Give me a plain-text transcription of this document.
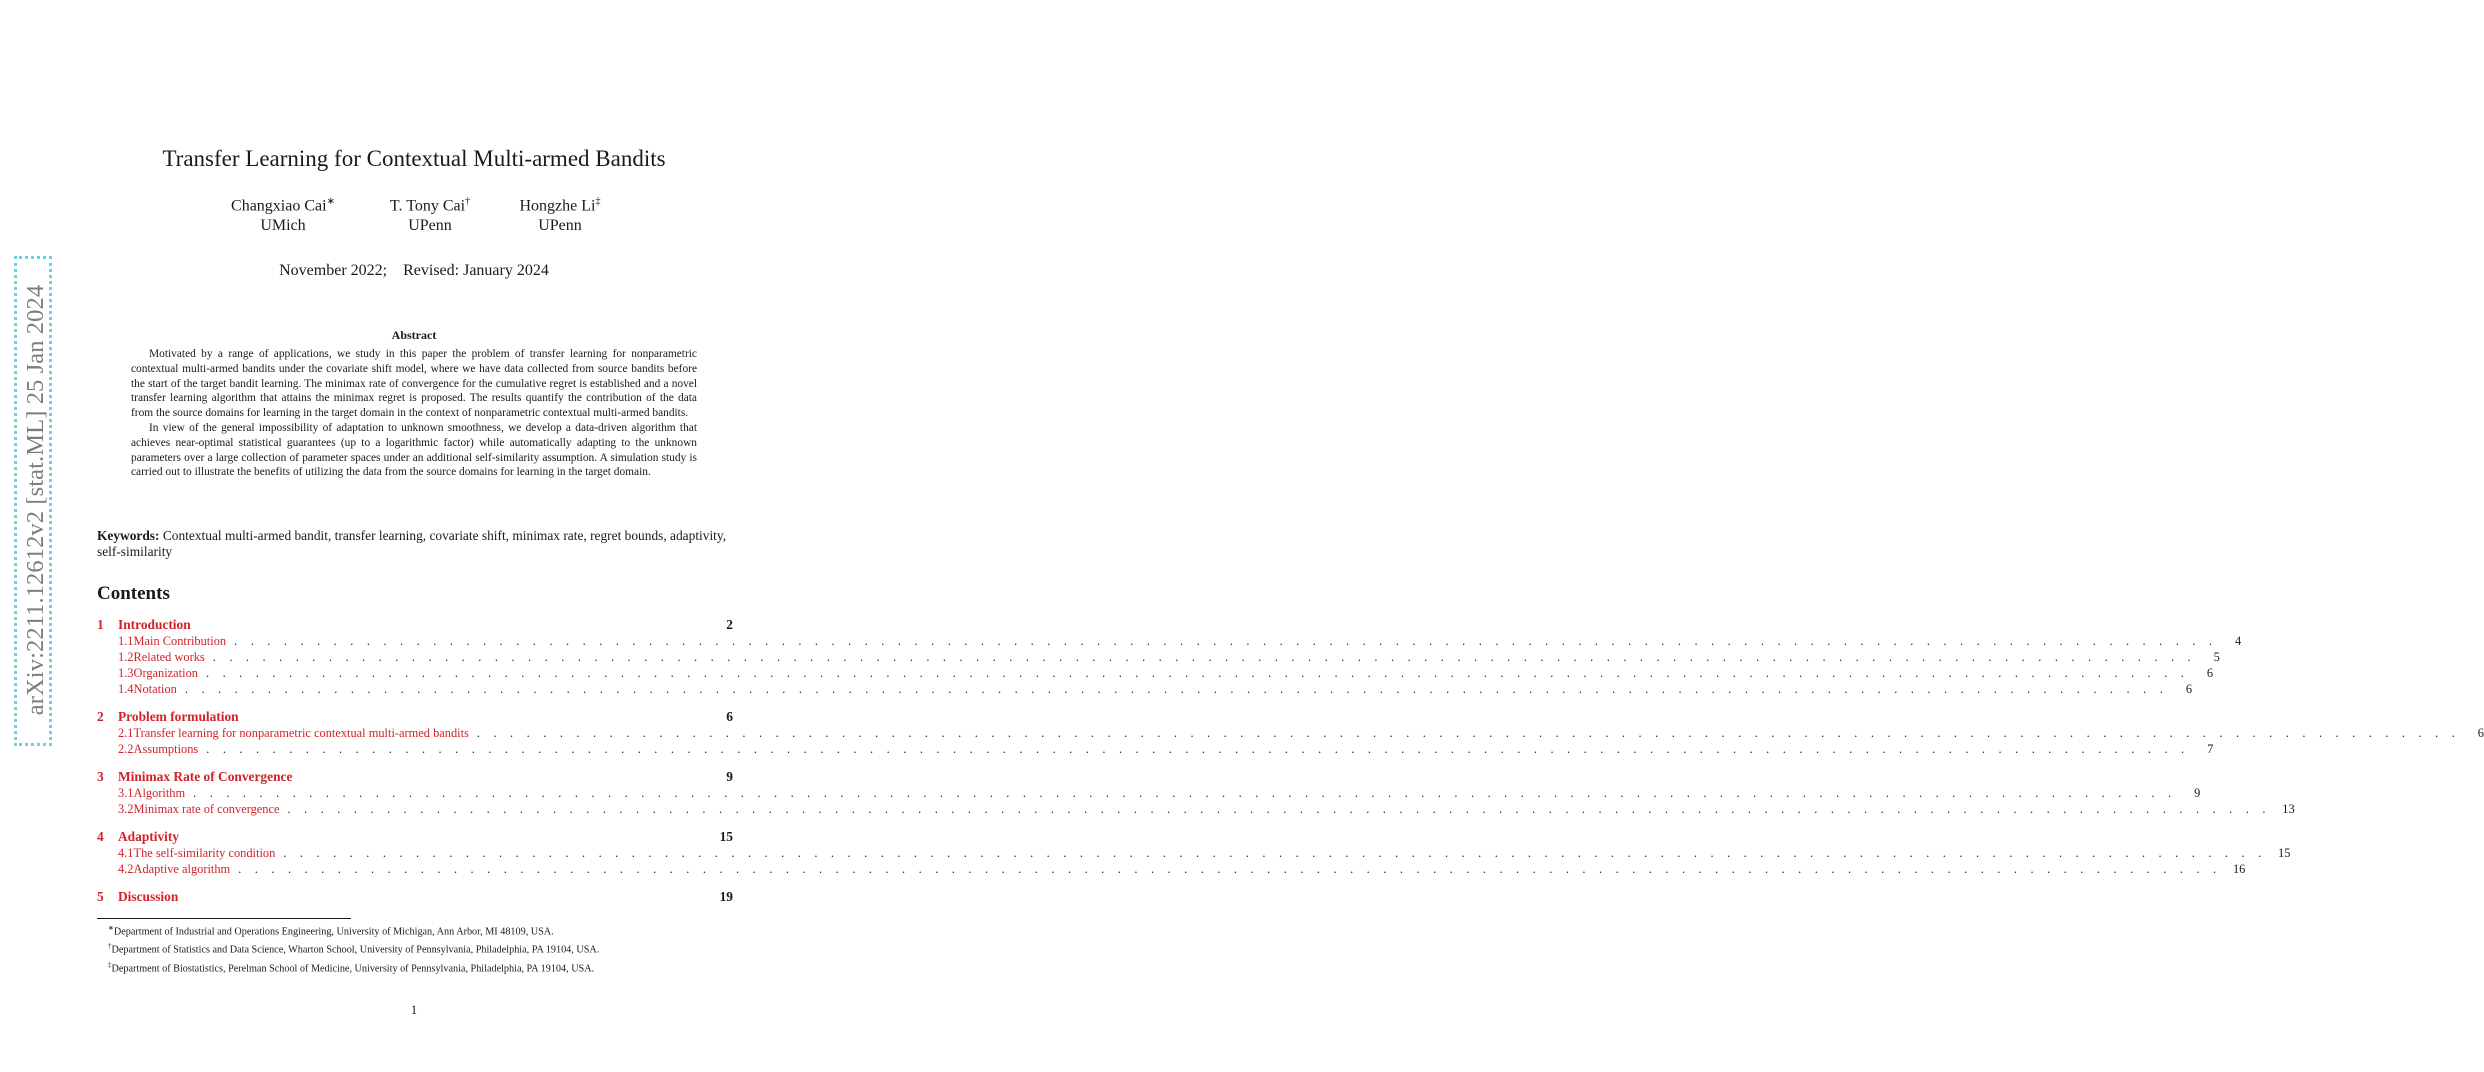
arXiv:2211.12612v2 [stat.ML] 25 Jan 2024
Transfer Learning for Contextual Multi-armed Bandits
Changxiao Cai∗
UMich
T. Tony Cai†
UPenn
Hongzhe Li‡
UPenn
November 2022;    Revised: January 2024
Abstract

Motivated by a range of applications, we study in this paper the problem of transfer learning for nonparametric contextual multi-armed bandits under the covariate shift model, where we have data collected from source bandits before the start of the target bandit learning. The minimax rate of convergence for the cumulative regret is established and a novel transfer learning algorithm that attains the minimax regret is proposed. The results quantify the contribution of the data from the source domains for learning in the target domain in the context of nonparametric contextual multi-armed bandits.

In view of the general impossibility of adaptation to unknown smoothness, we develop a data-driven algorithm that achieves near-optimal statistical guarantees (up to a logarithmic factor) while automatically adapting to the unknown parameters over a large collection of parameter spaces under an additional self-similarity assumption. A simulation study is carried out to illustrate the benefits of utilizing the data from the source domains for learning in the target domain.

Keywords: Contextual multi-armed bandit, transfer learning, covariate shift, minimax rate, regret bounds, adaptivity, self-similarity
Contents
1	Introduction	2
1.1 Main Contribution . . . . . . . . . . . . . . . . . . . . . . . . . . . . . . . . . . . . . . . . . . . . . . . . . . . . . . . . . . . . . . . . . . . . . . . . . . . . . . . . . . . . . . . . . . . . . . . . . . . . . . . . . . . . . . . . . . . . . . . .	4
1.2 Related works . . . . . . . . . . . . . . . . . . . . . . . . . . . . . . . . . . . . . . . . . . . . . . . . . . . . . . . . . . . . . . . . . . . . . . . . . . . . . . . . . . . . . . . . . . . . . . . . . . . . . . . . . . . . . . . . . . . . . . . .	5
1.3 Organization . . . . . . . . . . . . . . . . . . . . . . . . . . . . . . . . . . . . . . . . . . . . . . . . . . . . . . . . . . . . . . . . . . . . . . . . . . . . . . . . . . . . . . . . . . . . . . . . . . . . . . . . . . . . . . . . . . . . . . . .	6
1.4 Notation . . . . . . . . . . . . . . . . . . . . . . . . . . . . . . . . . . . . . . . . . . . . . . . . . . . . . . . . . . . . . . . . . . . . . . . . . . . . . . . . . . . . . . . . . . . . . . . . . . . . . . . . . . . . . . . . . . . . . . . .	6
2	Problem formulation	6
2.1 Transfer learning for nonparametric contextual multi-armed bandits . . . . . . . . . . . . . . . . . . . . . . . . . . . . . . . . . . . . . . . . . . . . . . . . . . . . . . . . . . . . . . . . . . . . . . . . . . . . . . . . . . . . . . . . . . . . . . . . . . . . . . . . . . . . . . . . . . . . . . . .	6
2.2 Assumptions . . . . . . . . . . . . . . . . . . . . . . . . . . . . . . . . . . . . . . . . . . . . . . . . . . . . . . . . . . . . . . . . . . . . . . . . . . . . . . . . . . . . . . . . . . . . . . . . . . . . . . . . . . . . . . . . . . . . . . . .	7
3	Minimax Rate of Convergence	9
3.1 Algorithm . . . . . . . . . . . . . . . . . . . . . . . . . . . . . . . . . . . . . . . . . . . . . . . . . . . . . . . . . . . . . . . . . . . . . . . . . . . . . . . . . . . . . . . . . . . . . . . . . . . . . . . . . . . . . . . . . . . . . . . .	9
3.2 Minimax rate of convergence . . . . . . . . . . . . . . . . . . . . . . . . . . . . . . . . . . . . . . . . . . . . . . . . . . . . . . . . . . . . . . . . . . . . . . . . . . . . . . . . . . . . . . . . . . . . . . . . . . . . . . . . . . . . . . . . . . . . . . . . 13
4	Adaptivity	15
4.1 The self-similarity condition . . . . . . . . . . . . . . . . . . . . . . . . . . . . . . . . . . . . . . . . . . . . . . . . . . . . . . . . . . . . . . . . . . . . . . . . . . . . . . . . . . . . . . . . . . . . . . . . . . . . . . . . . . . . . . . . . . . . . . . . 15
4.2 Adaptive algorithm . . . . . . . . . . . . . . . . . . . . . . . . . . . . . . . . . . . . . . . . . . . . . . . . . . . . . . . . . . . . . . . . . . . . . . . . . . . . . . . . . . . . . . . . . . . . . . . . . . . . . . . . . . . . . . . . . . . . . . . . 16
5	Discussion	19
∗Department of Industrial and Operations Engineering, University of Michigan, Ann Arbor, MI 48109, USA.
†Department of Statistics and Data Science, Wharton School, University of Pennsylvania, Philadelphia, PA 19104, USA.
‡Department of Biostatistics, Perelman School of Medicine, University of Pennsylvania, Philadelphia, PA 19104, USA.
1
